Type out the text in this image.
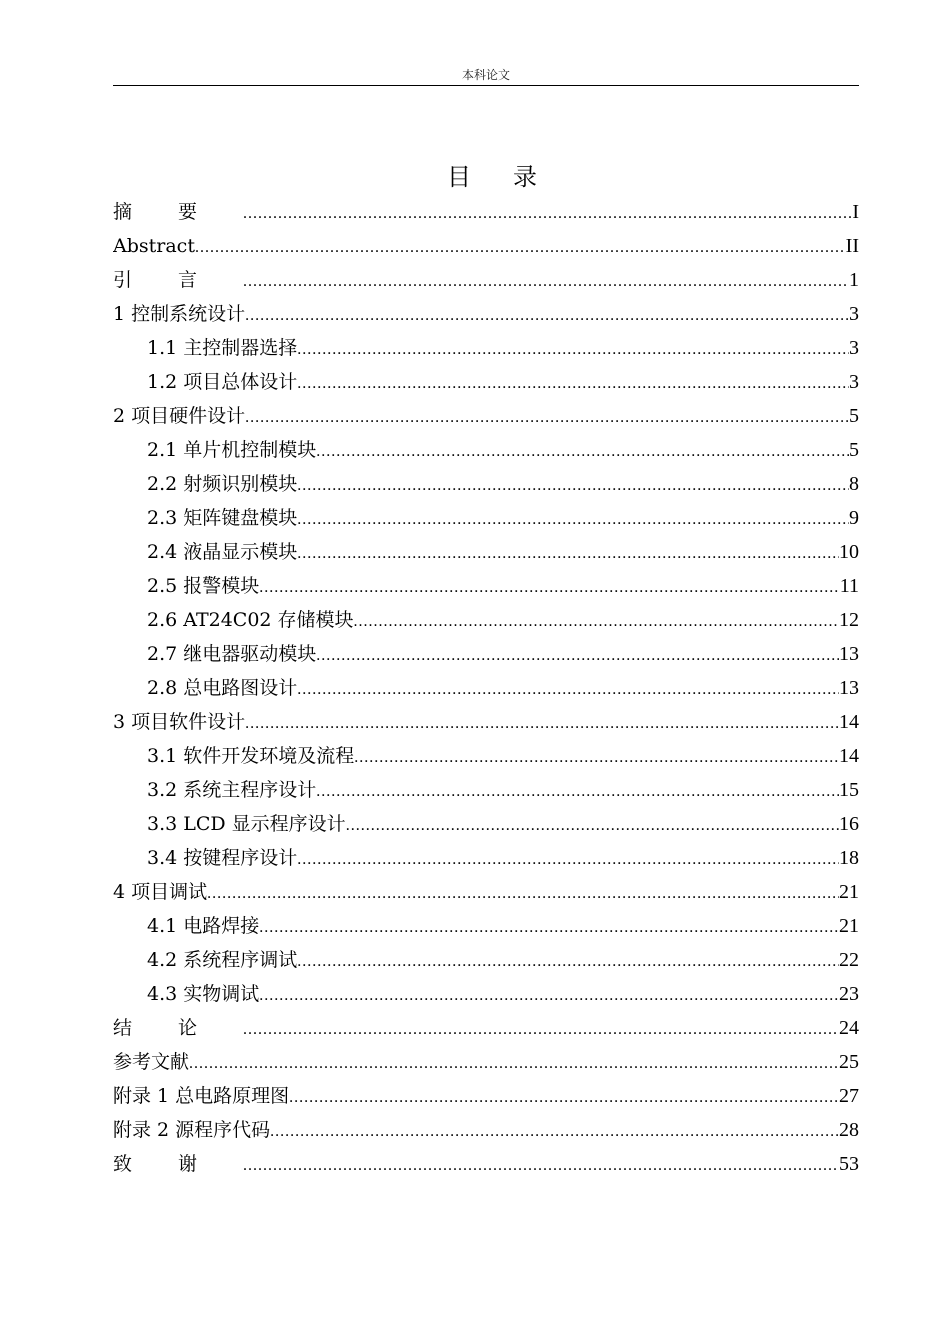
本科论文
目录
摘要 .....	I
Abstract .....	II
引言 .....	1
1 控制系统设计 .....	3
1.1 主控制器选择 .....	3
1.2 项目总体设计 .....	3
2 项目硬件设计 .....	5
2.1 单片机控制模块 .....	5
2.2 射频识别模块 .....	8
2.3 矩阵键盘模块 .....	9
2.4 液晶显示模块 .....	10
2.5 报警模块 .....	11
2.6 AT24C02 存储模块 .....	12
2.7 继电器驱动模块 .....	13
2.8 总电路图设计 .....	13
3 项目软件设计 .....	14
3.1 软件开发环境及流程 .....	14
3.2 系统主程序设计 .....	15
3.3 LCD 显示程序设计 .....	16
3.4 按键程序设计 .....	18
4 项目调试 .....	21
4.1 电路焊接 .....	21
4.2 系统程序调试 .....	22
4.3 实物调试 .....	23
结论 .....	24
参考文献 .....	25
附录 1 总电路原理图 .....	27
附录 2 源程序代码 .....	28
致谢 .....	53
